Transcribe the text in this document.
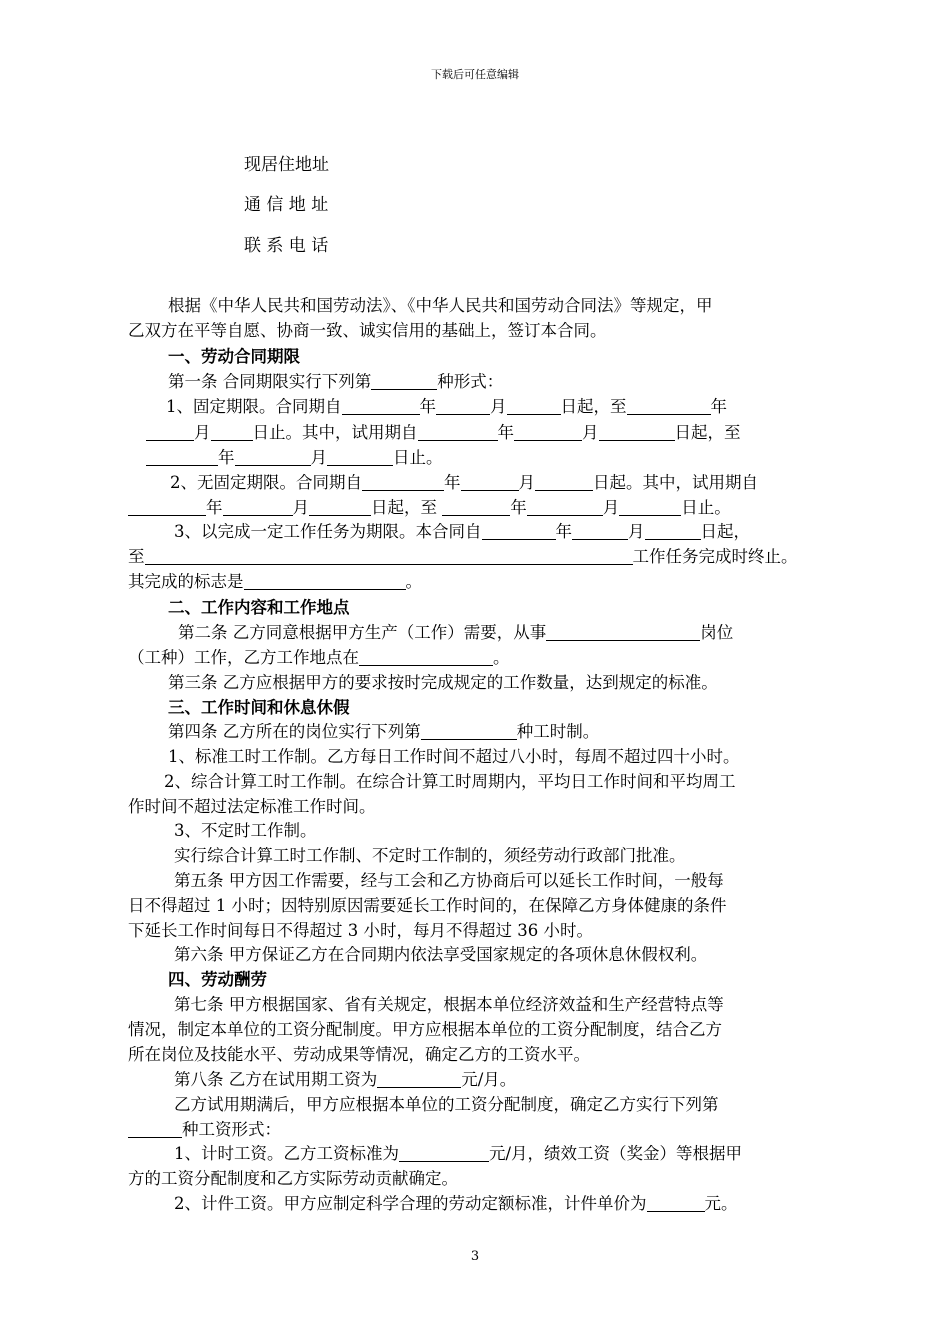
下载后可任意编辑
现居住地址
通 信 地 址
联 系 电 话
根据《中华人民共和国劳动法》、《中华人民共和国劳动合同法》等规定，甲
乙双方在平等自愿、协商一致、诚实信用的基础上，签订本合同。
一、劳动合同期限
第一条 合同期限实行下列第	种形式：
1、固定期限。合同期自	年	月	日起，至	年
月	日止。其中，试用期自	年	月	日起，至
年	月	日止。
2、无固定期限。合同期自	年	月	日起。其中，试用期自
年	月	日起，至	年	月	日止。
3、以完成一定工作任务为期限。本合同自	年	月	日起，
至	工作任务完成时终止。
其完成的标志是	。
二、工作内容和工作地点
第二条 乙方同意根据甲方生产（工作）需要，从事	岗位
（工种）工作，乙方工作地点在	。
第三条 乙方应根据甲方的要求按时完成规定的工作数量，达到规定的标准。
三、工作时间和休息休假
第四条 乙方所在的岗位实行下列第	种工时制。
1、标准工时工作制。乙方每日工作时间不超过八小时，每周不超过四十小时。
2、综合计算工时工作制。在综合计算工时周期内，平均日工作时间和平均周工
作时间不超过法定标准工作时间。
3、不定时工作制。
实行综合计算工时工作制、不定时工作制的，须经劳动行政部门批准。
第五条 甲方因工作需要，经与工会和乙方协商后可以延长工作时间，一般每
日不得超过 1 小时；因特别原因需要延长工作时间的，在保障乙方身体健康的条件
下延长工作时间每日不得超过 3 小时，每月不得超过 36 小时。
第六条 甲方保证乙方在合同期内依法享受国家规定的各项休息休假权利。
四、劳动酬劳
第七条 甲方根据国家、省有关规定，根据本单位经济效益和生产经营特点等
情况，制定本单位的工资分配制度。甲方应根据本单位的工资分配制度，结合乙方
所在岗位及技能水平、劳动成果等情况，确定乙方的工资水平。
第八条 乙方在试用期工资为	元/月。
乙方试用期满后，甲方应根据本单位的工资分配制度，确定乙方实行下列第
种工资形式：
1、计时工资。乙方工资标准为	元/月，绩效工资（奖金）等根据甲
方的工资分配制度和乙方实际劳动贡献确定。
2、计件工资。甲方应制定科学合理的劳动定额标准，计件单价为	元。
3
